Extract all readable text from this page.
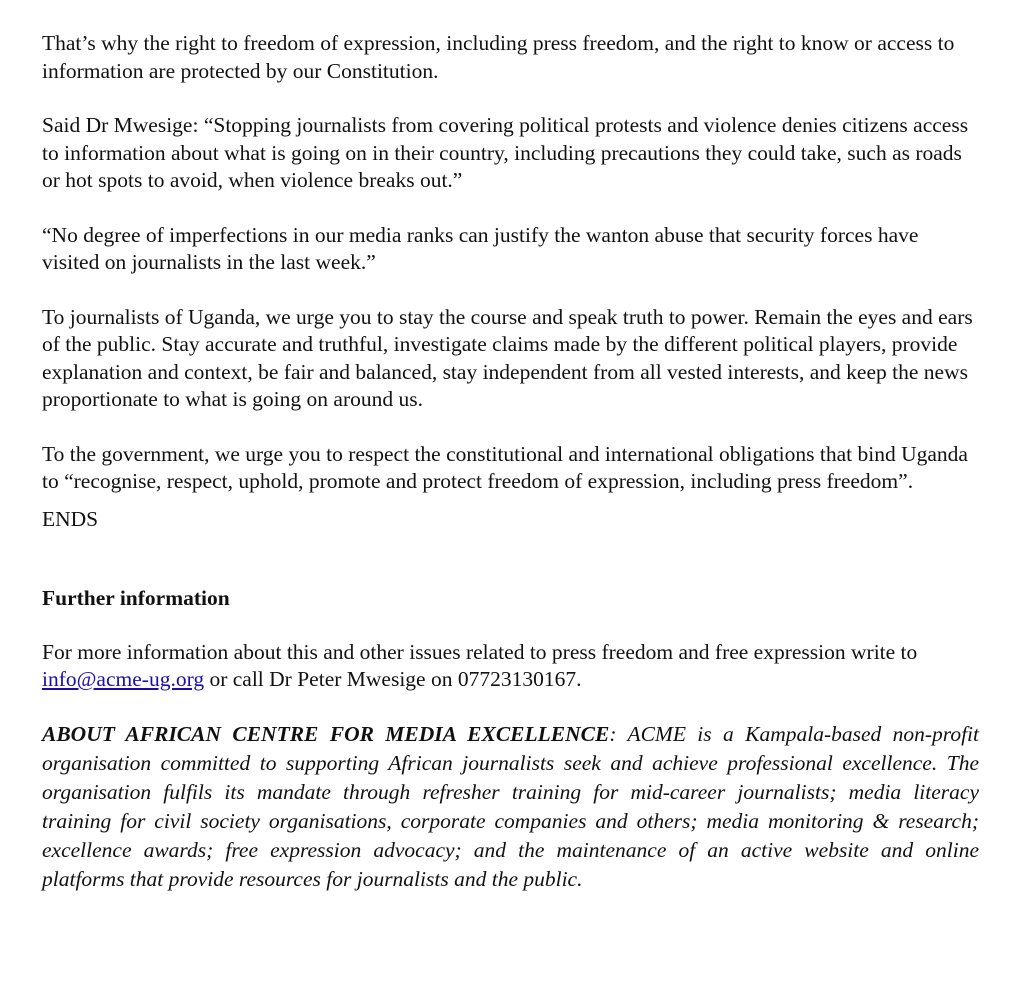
That’s why the right to freedom of expression, including press freedom, and the right to know or access to information are protected by our Constitution.

Said Dr Mwesige: “Stopping journalists from covering political protests and violence denies citizens access to information about what is going on in their country, including precautions they could take, such as roads or hot spots to avoid, when violence breaks out.”

“No degree of imperfections in our media ranks can justify the wanton abuse that security forces have visited on journalists in the last week.”

To journalists of Uganda, we urge you to stay the course and speak truth to power. Remain the eyes and ears of the public. Stay accurate and truthful, investigate claims made by the different political players, provide explanation and context, be fair and balanced, stay independent from all vested interests, and keep the news proportionate to what is going on around us.

To the government, we urge you to respect the constitutional and international obligations that bind Uganda to “recognise, respect, uphold, promote and protect freedom of expression, including press freedom”.

ENDS

Further information

For more information about this and other issues related to press freedom and free expression write to info@acme-ug.org or call Dr Peter Mwesige on 07723130167.

ABOUT AFRICAN CENTRE FOR MEDIA EXCELLENCE: ACME is a Kampala-based non-profit organisation committed to supporting African journalists seek and achieve professional excellence. The organisation fulfils its mandate through refresher training for mid-career journalists; media literacy training for civil society organisations, corporate companies and others; media monitoring & research; excellence awards; free expression advocacy; and the maintenance of an active website and online platforms that provide resources for journalists and the public.
